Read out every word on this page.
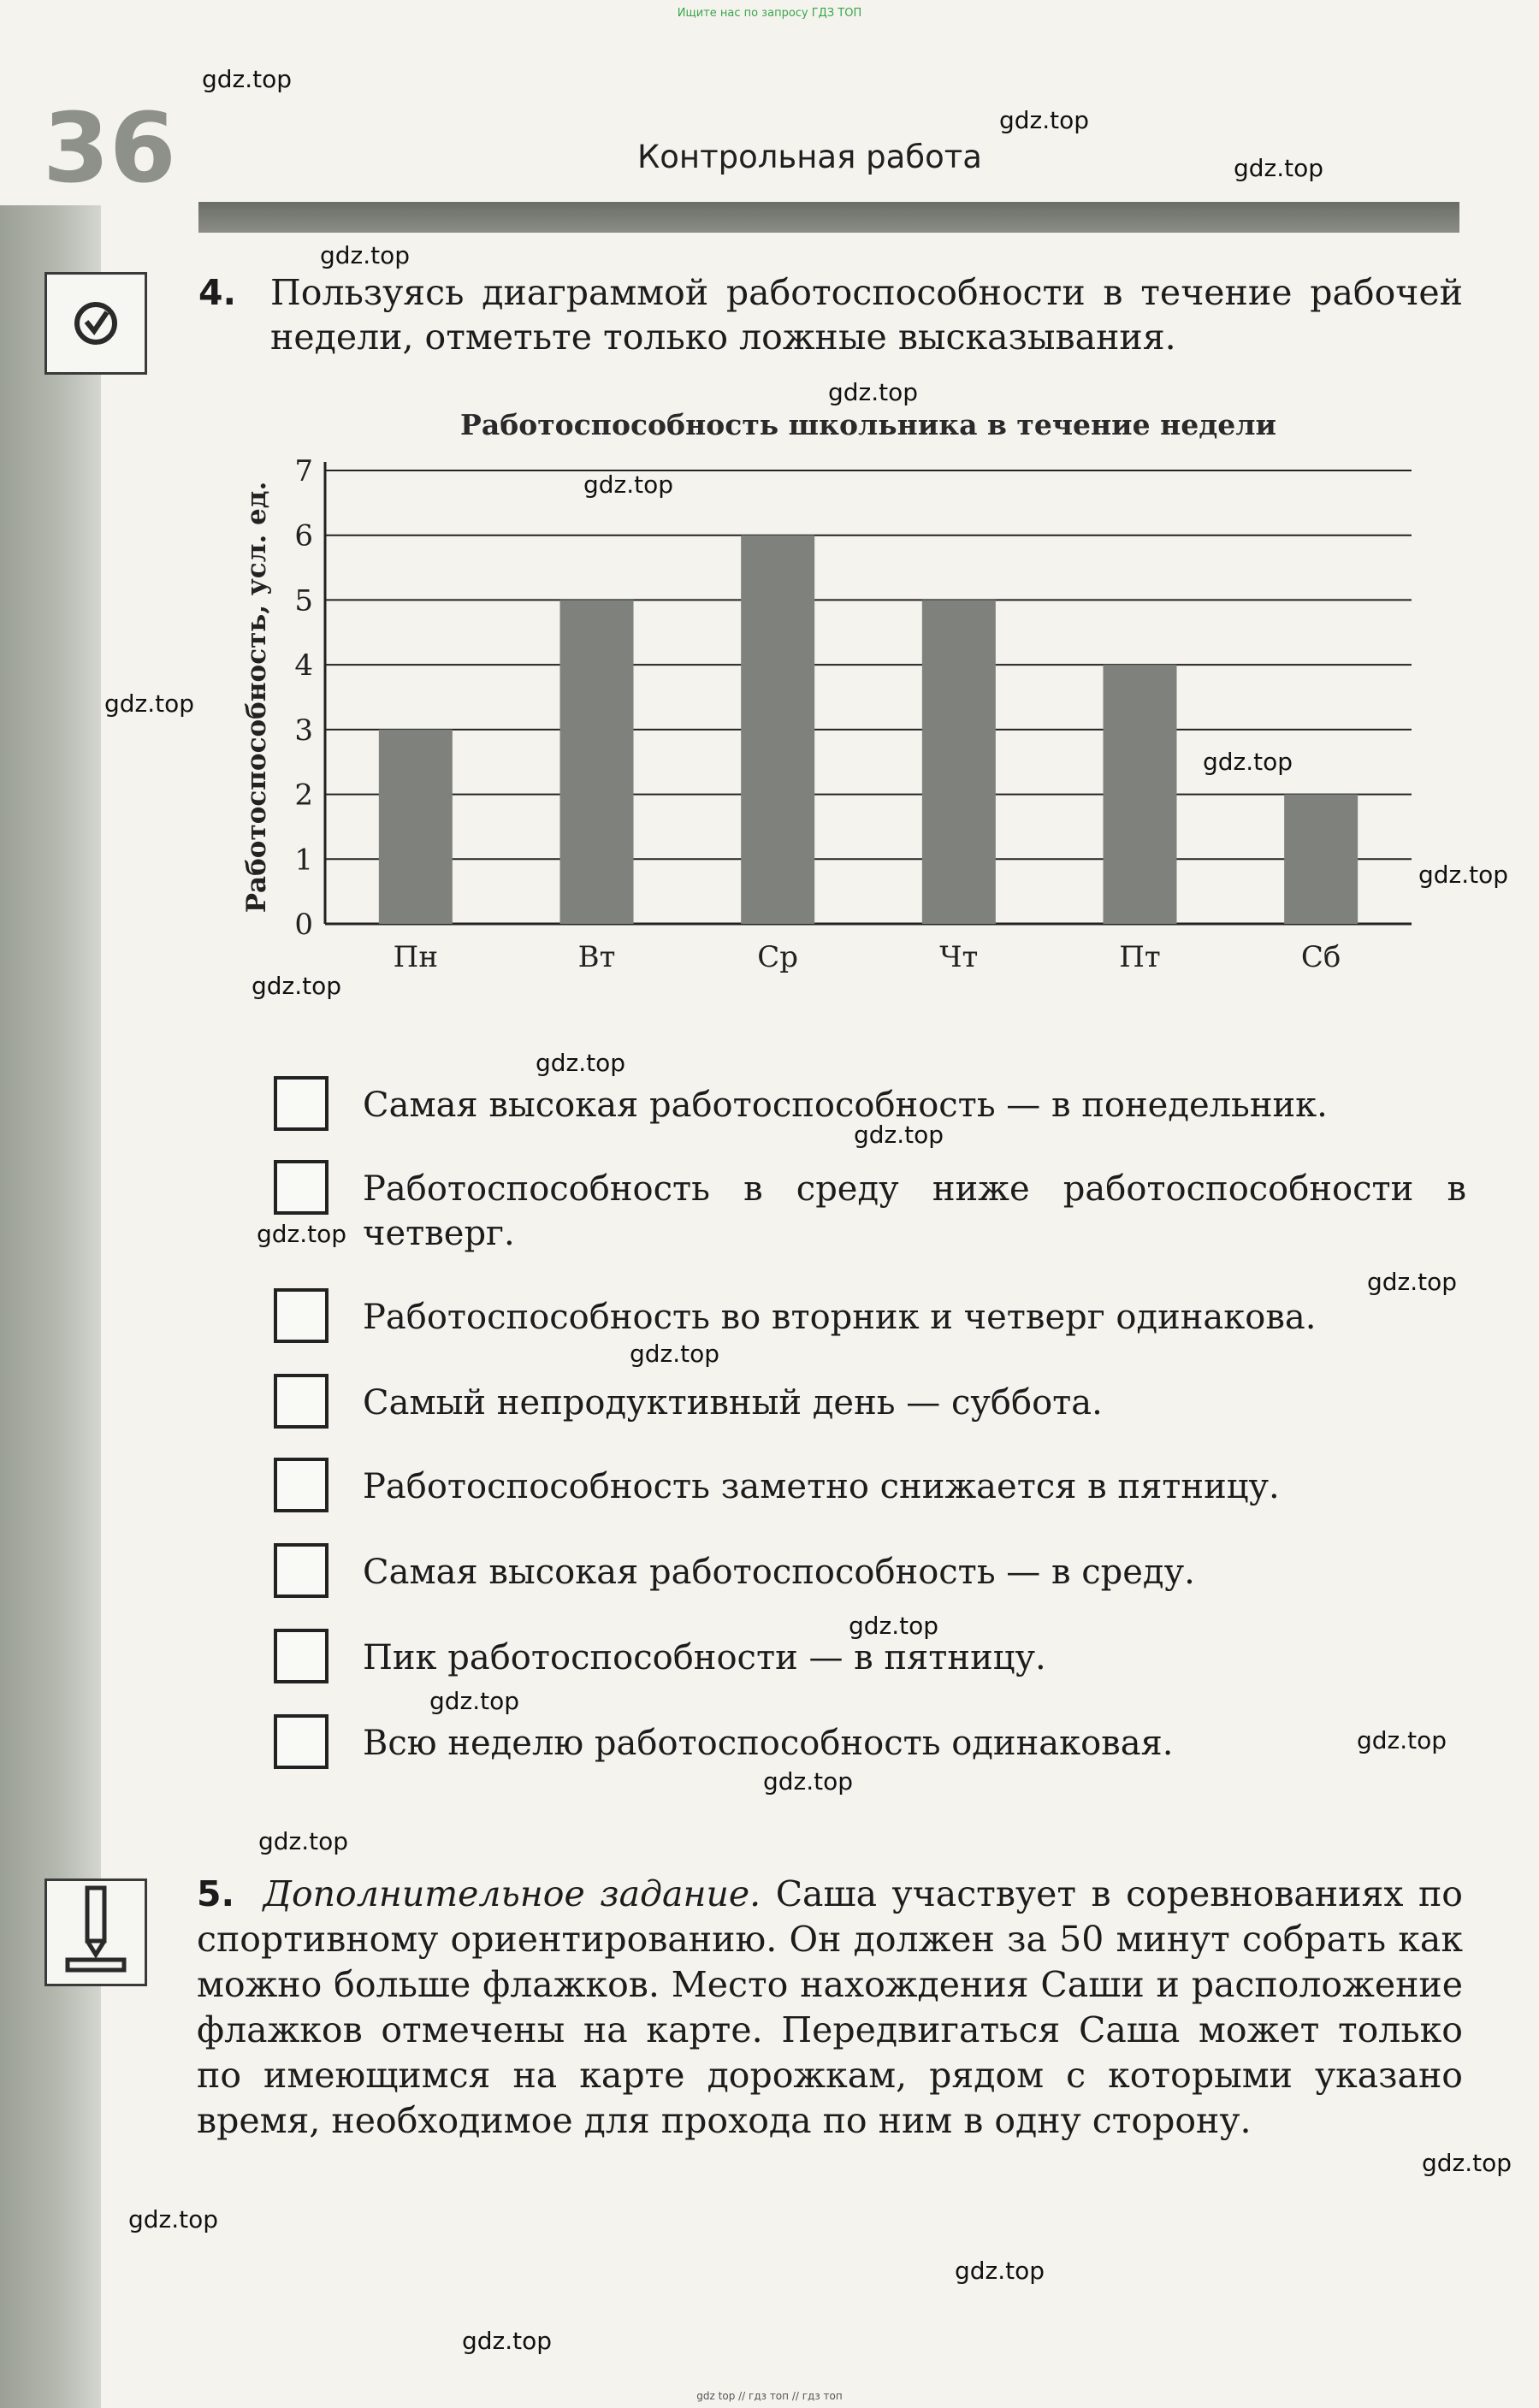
Ищите нас по запросу ГДЗ ТОП
36	Контрольная работа
4. Пользуясь диаграммой работоспособности в течение рабочей недели, отметьте только ложные высказывания.
Работоспособность школьника в течение недели
Работоспособность, усл. ед.
0
1
2
3
4
5
6
7
Пн	Вт	Ср	Чт	Пт	Сб
Самая высокая работоспособность — в понедельник.
Работоспособность в среду ниже работоспособности в четверг.
Работоспособность во вторник и четверг одинакова.
Самый непродуктивный день — суббота.
Работоспособность заметно снижается в пятницу.
Самая высокая работоспособность — в среду.
Пик работоспособности — в пятницу.
Всю неделю работоспособность одинаковая.
5. Дополнительное задание. Саша участвует в соревнованиях по спортивному ориентированию. Он должен за 50 минут собрать как можно больше флажков. Место нахождения Саши и расположение флажков отмечены на карте. Передвигаться Саша может только по имеющимся на карте дорожкам, рядом с которыми указано время, необходимое для прохода по ним в одну сторону.
gdz.top
gdz.top
gdz.top
gdz.top
gdz.top
gdz.top
gdz.top
gdz.top
gdz.top
gdz.top
gdz.top
gdz.top
gdz.top
gdz.top
gdz.top
gdz.top
gdz.top
gdz.top
gdz.top
gdz.top
gdz.top
gdz.top
gdz.top
gdz.top
gdz top // гдз топ // гдз топ
